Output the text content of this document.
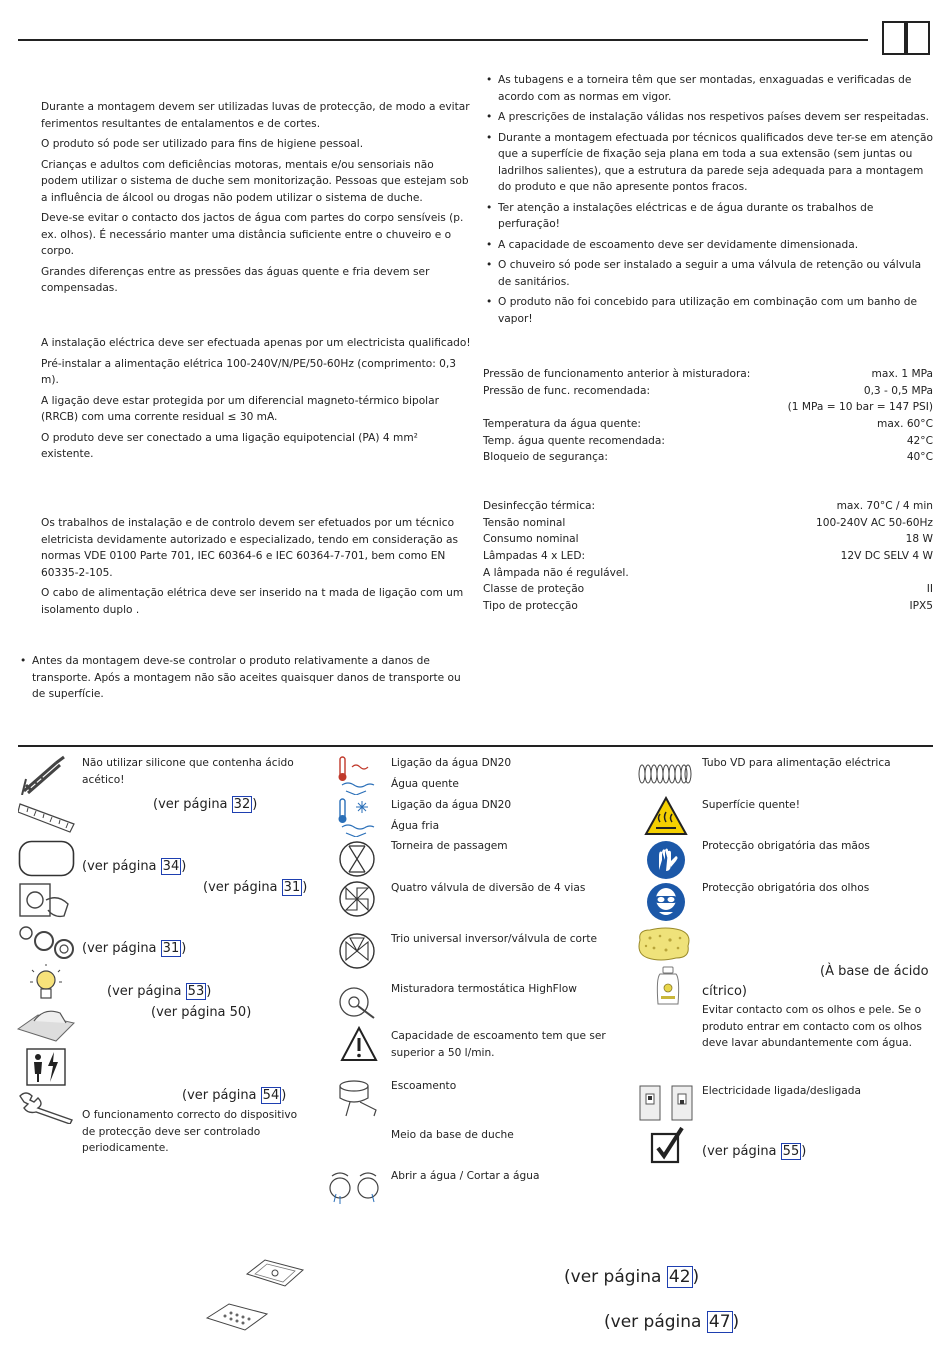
Durante a montagem devem ser utilizadas luvas de protecção, de modo a evitar ferimentos resultantes de entalamentos e de cortes.

O produto só pode ser utilizado para fins de higiene pessoal.

Crianças e adultos com deficiências motoras, mentais e/ou sensoriais não podem utilizar o sistema de duche sem monitorização. Pessoas que estejam sob a influência de álcool ou drogas não podem utilizar o sistema de duche.

Deve-se evitar o contacto dos jactos de água com partes do corpo sensíveis (p. ex. olhos). É necessário manter uma distância suficiente entre o chuveiro e o corpo.

Grandes diferenças entre as pressões das águas quente e fria devem ser compensadas.

A instalação eléctrica deve ser efectuada apenas por um electricista qualificado!

Pré-instalar a alimentação elétrica 100-240V/N/PE/50-60Hz (comprimento: 0,3 m).

A ligação deve estar protegida por um diferencial magneto-térmico bipolar (RRCB) com uma corrente residual ≤ 30 mA.

O produto deve ser conectado a uma ligação equipotencial (PA) 4 mm² existente.

Os trabalhos de instalação e de controlo devem ser efetuados por um técnico eletricista devidamente autorizado e especializado, tendo em consideração as normas VDE 0100 Parte 701, IEC 60364-6 e IEC 60364-7-701, bem como EN 60335-2-105.

O cabo de alimentação elétrica deve ser inserido na t mada de ligação com um isolamento duplo .

• Antes da montagem deve-se controlar o produto relativamente a danos de transporte. Após a montagem não são aceites quaisquer danos de transporte ou de superfície.
• As tubagens e a torneira têm que ser montadas, enxaguadas e verificadas de acordo com as normas em vigor.
• A prescrições de instalação válidas nos respetivos países devem ser respeitadas.
• Durante a montagem efectuada por técnicos qualificados deve ter-se em atenção que a superfície de fixação seja plana em toda a sua extensão (sem juntas ou ladrilhos salientes), que a estrutura da parede seja adequada para a montagem do produto e que não apresente pontos fracos.
• Ter atenção a instalações eléctricas e de água durante os trabalhos de perfuração!
• A capacidade de escoamento deve ser devidamente dimensionada.
• O chuveiro só pode ser instalado a seguir a uma válvula de retenção ou válvula de sanitários.
• O produto não foi concebido para utilização em combinação com um banho de vapor!
Pressão de funcionamento anterior à misturadora:	max. 1 MPa
Pressão de func. recomendada:	0,3 - 0,5 MPa
(1 MPa = 10 bar = 147 PSI)
Temperatura da água quente:	max. 60°C
Temp. água quente recomendada:	42°C
Bloqueio de segurança:	40°C
Desinfecção térmica:	max. 70°C / 4 min
Tensão nominal	100-240V AC 50-60Hz
Consumo nominal	18 W
Lâmpadas 4 x LED:	12V DC SELV 4 W
A lâmpada não é regulável.
Classe de proteção	II
Tipo de protecção	IPX5
Não utilizar silicone que contenha ácido acético!
(ver página 32 )
(ver página 34 )
(ver página 31 )
(ver página 31 )
(ver página 53 )
(ver página 50)
(ver página 54 )
O funcionamento correcto do dispositivo de protecção deve ser controlado periodicamente.
Ligação da água DN20
Água quente
Ligação da água DN20
Água fria
Torneira de passagem
Quatro válvula de diversão de 4 vias
Trio universal inversor/válvula de corte
Misturadora termostática HighFlow
Capacidade de escoamento tem que ser superior a 50 l/min.
Escoamento
Meio da base de duche
Abrir a água / Cortar a água
Tubo VD para alimentação eléctrica
Superfície quente!
Protecção obrigatória das mãos
Protecção obrigatória dos olhos
(À base de ácido
cítrico)
Evitar contacto com os olhos e pele. Se o produto entrar em contacto com os olhos deve lavar abundantemente com água.
Electricidade ligada/desligada
(ver página 55 )
(ver página 42 )
(ver página 47 )
